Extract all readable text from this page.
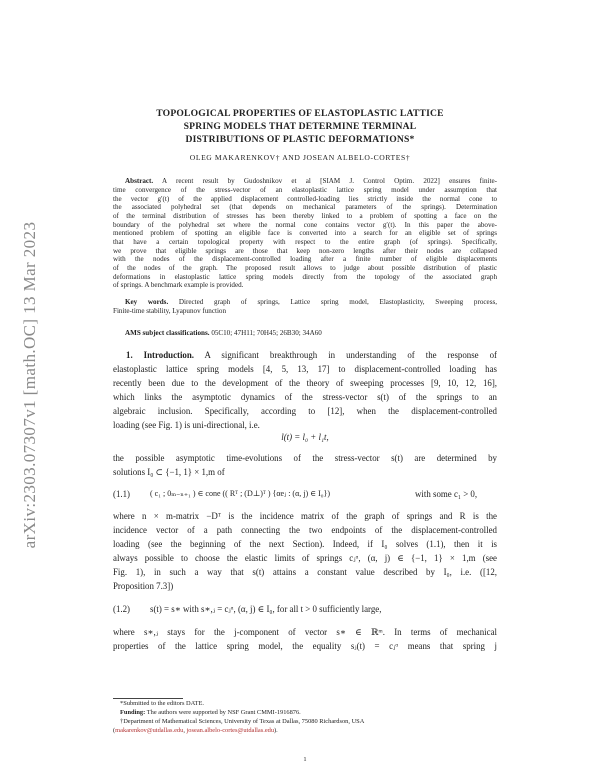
arXiv:2303.07307v1 [math.OC] 13 Mar 2023
TOPOLOGICAL PROPERTIES OF ELASTOPLASTIC LATTICE
SPRING MODELS THAT DETERMINE TERMINAL
DISTRIBUTIONS OF PLASTIC DEFORMATIONS*
OLEG MAKARENKOV† AND JOSEAN ALBELO-CORTES†
Abstract. A recent result by Gudoshnikov et al [SIAM J. Control Optim. 2022] ensures finite-
time convergence of the stress-vector of an elastoplastic lattice spring model under assumption that
the vector g′(t) of the applied displacement controlled-loading lies strictly inside the normal cone to
the associated polyhedral set (that depends on mechanical parameters of the springs). Determination
of the terminal distribution of stresses has been thereby linked to a problem of spotting a face on the
boundary of the polyhedral set where the normal cone contains vector g′(t). In this paper the above-
mentioned problem of spotting an eligible face is converted into a search for an eligible set of springs
that have a certain topological property with respect to the entire graph (of springs). Specifically,
we prove that eligible springs are those that keep non-zero lengths after their nodes are collapsed
with the nodes of the displacement-controlled loading after a finite number of eligible displacements
of the nodes of the graph. The proposed result allows to judge about possible distribution of plastic
deformations in elastoplastic lattice spring models directly from the topology of the associated graph
of springs. A benchmark example is provided.
Key words. Directed graph of springs, Lattice spring model, Elastoplasticity, Sweeping process,
Finite-time stability, Lyapunov function
AMS subject classifications. 05C10; 47H11; 70H45; 26B30; 34A60
1. Introduction. A significant breakthrough in understanding of the response of
elastoplastic lattice spring models [4, 5, 13, 17] to displacement-controlled loading has
recently been due to the development of the theory of sweeping processes [9, 10, 12, 16],
which links the asymptotic dynamics of the stress-vector s(t) of the springs to an
algebraic inclusion. Specifically, according to [12], when the displacement-controlled
loading (see Fig. 1) is uni-directional, i.e.
l(t) = l₀ + l₁t,
the possible asymptotic time-evolutions of the stress-vector s(t) are determined by
solutions I₀ ⊂ {−1, 1} × 1,m of
(1.1)	( c₁ ; 0ₘ₋ₙ₊₁ ) ∈ cone (( Rᵀ ; (D⊥)ᵀ ) {αeⱼ : (α, j) ∈ I₀})	with some c₁ > 0,
where n × m-matrix −Dᵀ is the incidence matrix of the graph of springs and R is the
incidence vector of a path connecting the two endpoints of the displacement-controlled
loading (see the beginning of the next Section). Indeed, if I₀ solves (1.1), then it is
always possible to choose the elastic limits of springs cⱼᵅ, (α, j) ∈ {−1, 1} × 1,m (see
Fig. 1), in such a way that s(t) attains a constant value described by I₀, i.e. ([12,
Proposition 7.3])
(1.2)	s(t) = s∗ with s∗,ⱼ = cⱼᵅ, (α, j) ∈ I₀, for all t > 0 sufficiently large,
where s∗,ⱼ stays for the j-component of vector s∗ ∈ ℝᵐ. In terms of mechanical
properties of the lattice spring model, the equality sⱼ(t) = cⱼᵅ means that spring j
*Submitted to the editors DATE.
Funding: The authors were supported by NSF Grant CMMI-1916876.
†Department of Mathematical Sciences, University of Texas at Dallas, 75080 Richardson, USA
(makarenkov@utdallas.edu, josean.albelo-cortes@utdallas.edu).
1
